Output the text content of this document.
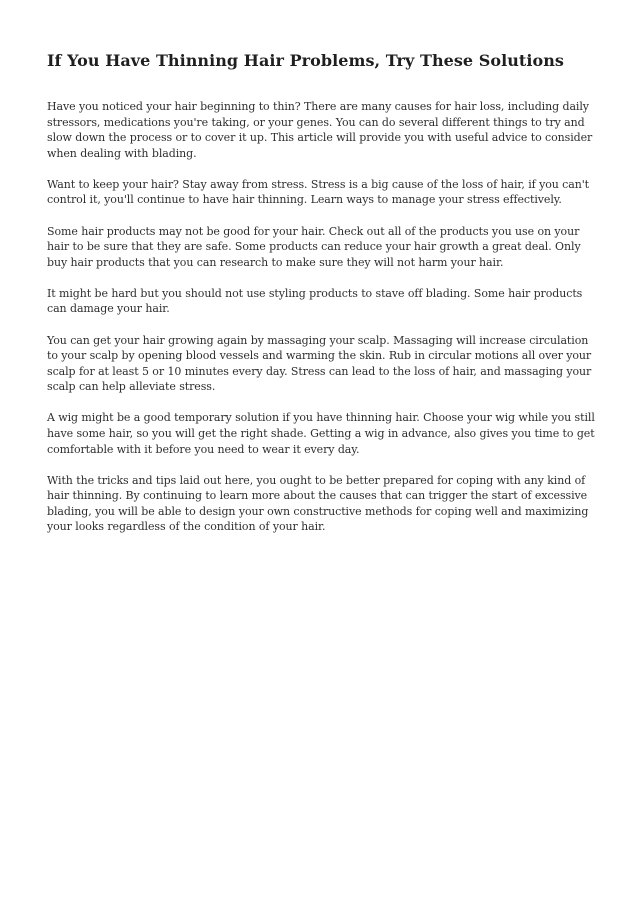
If You Have Thinning Hair Problems, Try These Solutions

Have you noticed your hair beginning to thin? There are many causes for hair loss, including daily stressors, medications you're taking, or your genes. You can do several different things to try and slow down the process or to cover it up. This article will provide you with useful advice to consider when dealing with blading.

Want to keep your hair? Stay away from stress. Stress is a big cause of the loss of hair, if you can't control it, you'll continue to have hair thinning. Learn ways to manage your stress effectively.

Some hair products may not be good for your hair. Check out all of the products you use on your hair to be sure that they are safe. Some products can reduce your hair growth a great deal. Only buy hair products that you can research to make sure they will not harm your hair.

It might be hard but you should not use styling products to stave off blading. Some hair products can damage your hair.

You can get your hair growing again by massaging your scalp. Massaging will increase circulation to your scalp by opening blood vessels and warming the skin. Rub in circular motions all over your scalp for at least 5 or 10 minutes every day. Stress can lead to the loss of hair, and massaging your scalp can help alleviate stress.

A wig might be a good temporary solution if you have thinning hair. Choose your wig while you still have some hair, so you will get the right shade. Getting a wig in advance, also gives you time to get comfortable with it before you need to wear it every day.

With the tricks and tips laid out here, you ought to be better prepared for coping with any kind of hair thinning. By continuing to learn more about the causes that can trigger the start of excessive blading, you will be able to design your own constructive methods for coping well and maximizing your looks regardless of the condition of your hair.
